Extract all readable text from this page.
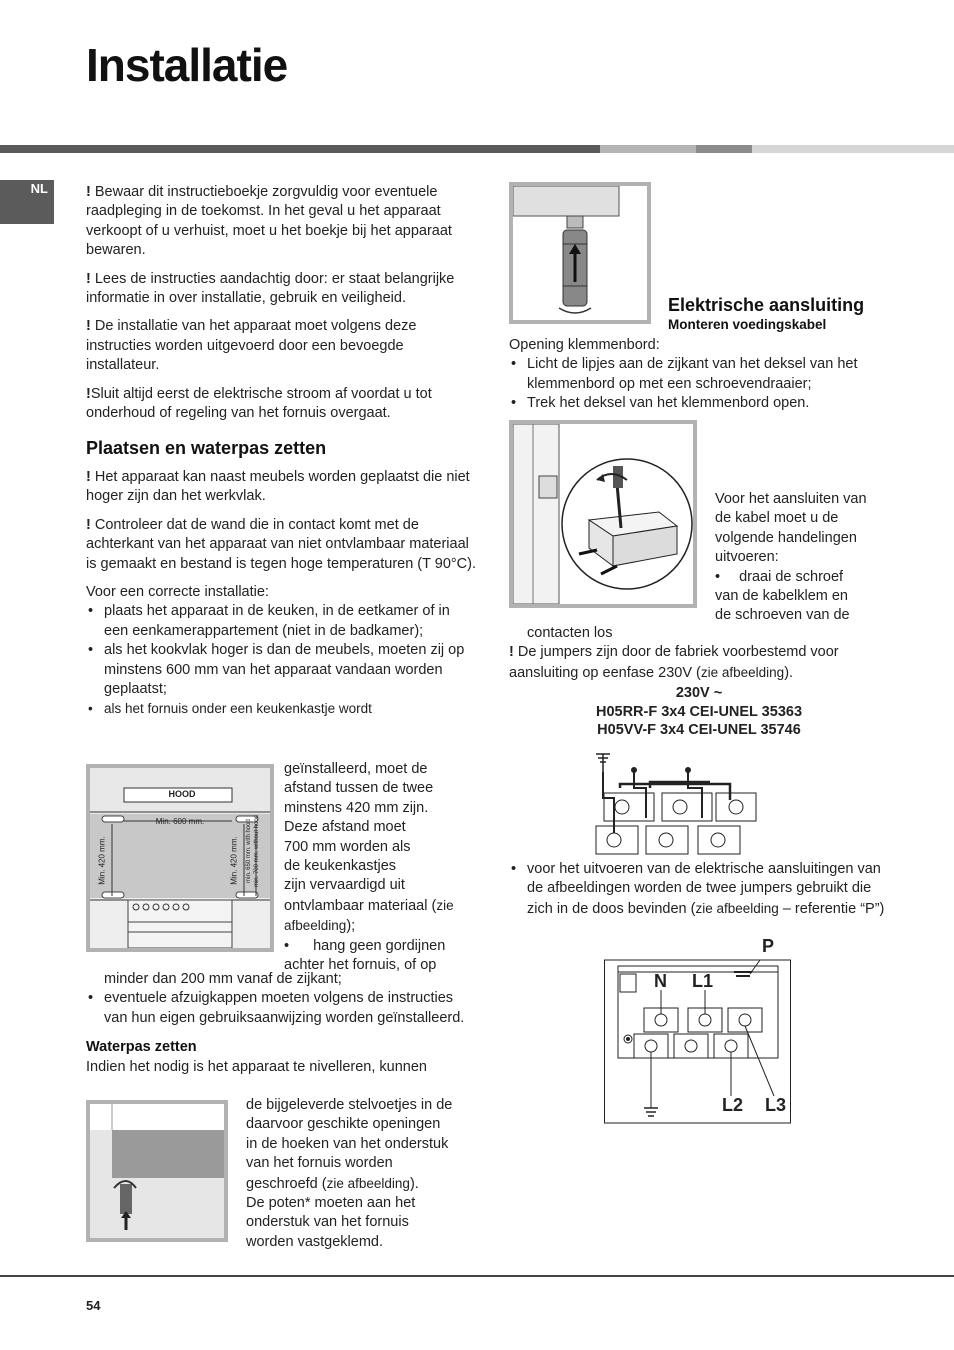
Installatie
NL	! Bewaar dit instructieboekje zorgvuldig voor eventuele raadpleging in de toekomst. In het geval u het apparaat verkoopt of u verhuist, moet u het boekje bij het apparaat bewaren.

! Lees de instructies aandachtig door: er staat belangrijke informatie in over installatie, gebruik en veiligheid.

! De installatie van het apparaat moet volgens deze instructies worden uitgevoerd door een bevoegde installateur.

!Sluit altijd eerst de elektrische stroom af voordat u tot onderhoud of regeling van het fornuis overgaat.

Plaatsen en waterpas zetten

! Het apparaat kan naast meubels worden geplaatst die niet hoger zijn dan het werkvlak.

! Controleer dat de wand die in contact komt met de achterkant van het apparaat van niet ontvlambaar materiaal is gemaakt en bestand is tegen hoge temperaturen (T 90°C).

Voor een correcte installatie:

• plaats het apparaat in de keuken, in de eetkamer of in een eenkamerappartement (niet in de badkamer);

• als het kookvlak hoger is dan de meubels, moeten zij op minstens 600 mm van het apparaat vandaan worden geplaatst;

• als het fornuis onder een keukenkastje wordt

HOOD
Min. 600 mm.
Min. 420 mm.	Min. 420 mm. min. 650 mm. with hood min. 700 mm. without hood

geïnstalleerd, moet de

afstand tussen de twee

minstens 420 mm zijn.

Deze afstand moet

700 mm worden als

de keukenkastjes

zijn vervaardigd uit

ontvlambaar materiaal (zie

afbeelding);

• hang geen gordijnen

achter het fornuis, of op

minder dan 200 mm vanaf de zijkant;

• eventuele afzuigkappen moeten volgens de instructies van hun eigen gebruiksaanwijzing worden geïnstalleerd.

Waterpas zetten

Indien het nodig is het apparaat te nivelleren, kunnen

de bijgeleverde stelvoetjes in de

daarvoor geschikte openingen

in de hoeken van het onderstuk

van het fornuis worden

geschroefd (zie afbeelding).

De poten* moeten aan het

onderstuk van het fornuis

worden vastgeklemd.

Elektrische aansluiting
Monteren voedingskabel

Opening klemmenbord:

• Licht de lipjes aan de zijkant van het deksel van het klemmenbord op met een schroevendraaier;

• Trek het deksel van het klemmenbord open.

Voor het aansluiten van

de kabel moet u de

volgende handelingen

uitvoeren:

• draai de schroef

van de kabelklem en

de schroeven van de

contacten los

! De jumpers zijn door de fabriek voorbestemd voor aansluiting op eenfase 230V (zie afbeelding).

230V ~

H05RR-F 3x4 CEI-UNEL 35363

H05VV-F 3x4 CEI-UNEL 35746

• voor het uitvoeren van de elektrische aansluitingen van de afbeeldingen worden de twee jumpers gebruikt die zich in de doos bevinden (zie afbeelding – referentie “P”)

P
N L1
L2 L3
54
